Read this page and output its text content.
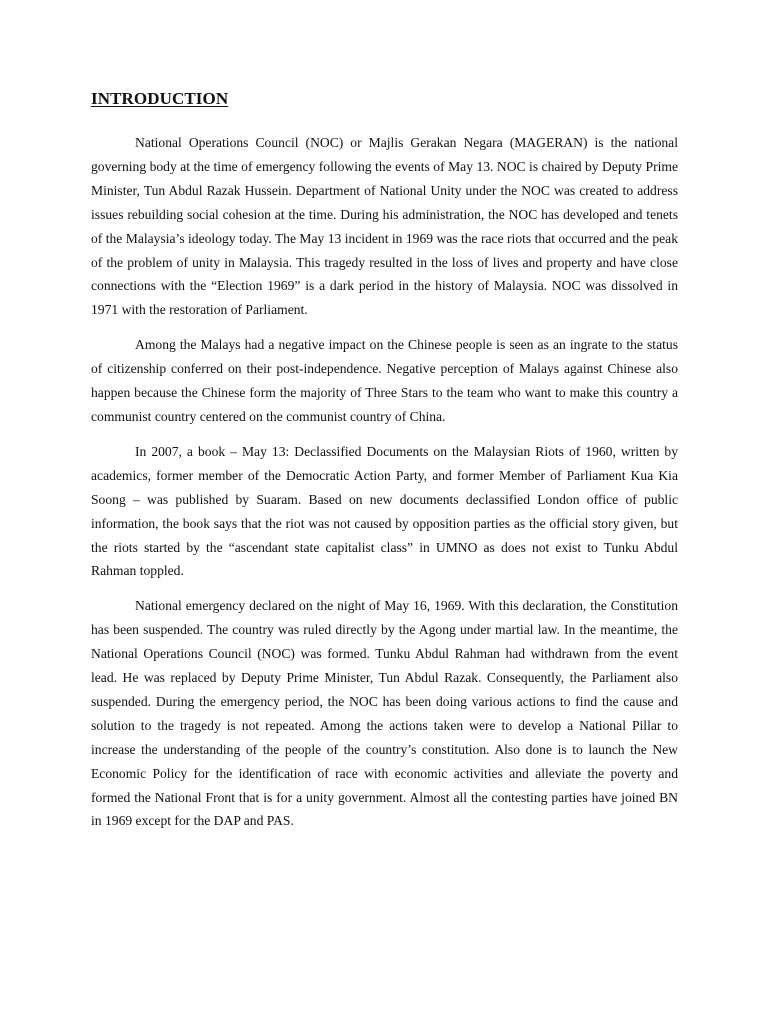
INTRODUCTION

National Operations Council (NOC) or Majlis Gerakan Negara (MAGERAN) is the national governing body at the time of emergency following the events of May 13. NOC is chaired by Deputy Prime Minister, Tun Abdul Razak Hussein. Department of National Unity under the NOC was created to address issues rebuilding social cohesion at the time. During his administration, the NOC has developed and tenets of the Malaysia’s ideology today. The May 13 incident in 1969 was the race riots that occurred and the peak of the problem of unity in Malaysia. This tragedy resulted in the loss of lives and property and have close connections with the “Election 1969” is a dark period in the history of Malaysia. NOC was dissolved in 1971 with the restoration of Parliament.

Among the Malays had a negative impact on the Chinese people is seen as an ingrate to the status of citizenship conferred on their post-independence. Negative perception of Malays against Chinese also happen because the Chinese form the majority of Three Stars to the team who want to make this country a communist country centered on the communist country of China.

In 2007, a book – May 13: Declassified Documents on the Malaysian Riots of 1960, written by academics, former member of the Democratic Action Party, and former Member of Parliament Kua Kia Soong – was published by Suaram. Based on new documents declassified London office of public information, the book says that the riot was not caused by opposition parties as the official story given, but the riots started by the “ascendant state capitalist class” in UMNO as does not exist to Tunku Abdul Rahman toppled.

National emergency declared on the night of May 16, 1969. With this declaration, the Constitution has been suspended. The country was ruled directly by the Agong under martial law. In the meantime, the National Operations Council (NOC) was formed. Tunku Abdul Rahman had withdrawn from the event lead. He was replaced by Deputy Prime Minister, Tun Abdul Razak. Consequently, the Parliament also suspended. During the emergency period, the NOC has been doing various actions to find the cause and solution to the tragedy is not repeated. Among the actions taken were to develop a National Pillar to increase the understanding of the people of the country’s constitution. Also done is to launch the New Economic Policy for the identification of race with economic activities and alleviate the poverty and formed the National Front that is for a unity government. Almost all the contesting parties have joined BN in 1969 except for the DAP and PAS.
